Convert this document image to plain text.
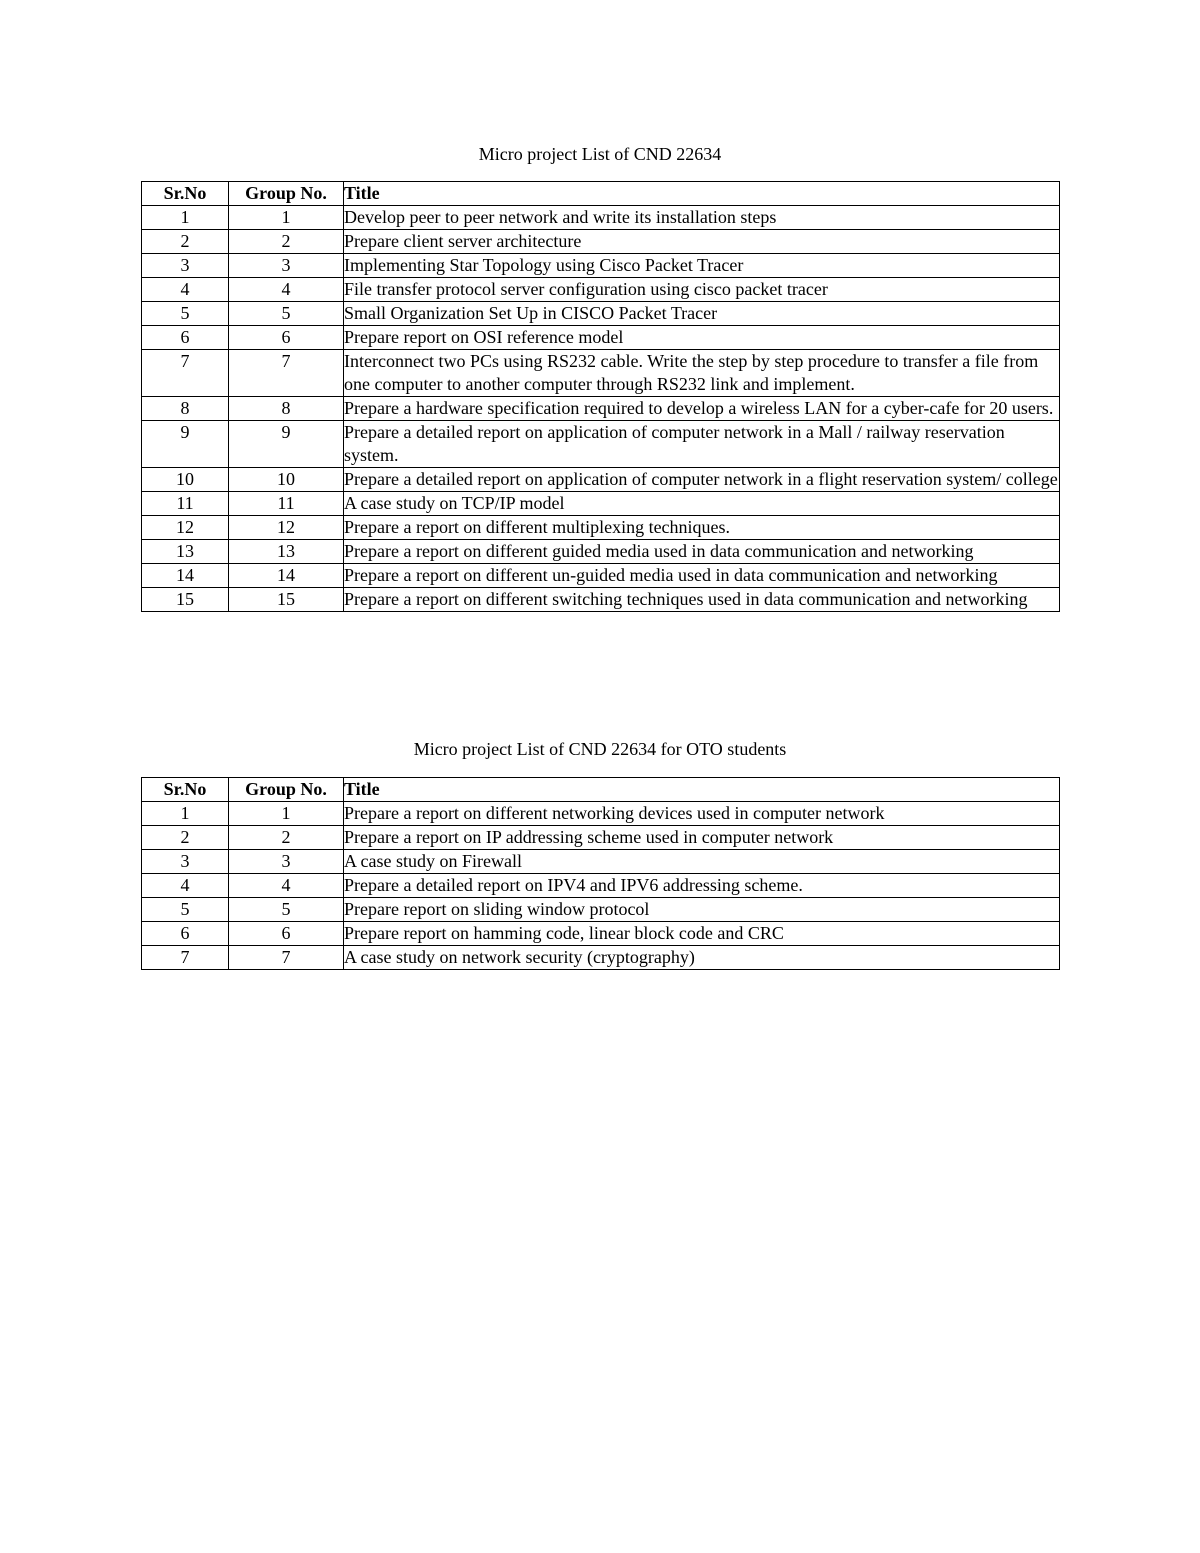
Micro project List of CND 22634
Sr.No	Group No.	Title
1	1	Develop peer to peer network and write its installation steps
2	2	Prepare client server architecture
3	3	Implementing Star Topology using Cisco Packet Tracer
4	4	File transfer protocol server configuration using cisco packet tracer
5	5	Small Organization Set Up in CISCO Packet Tracer
6	6	Prepare report on OSI reference model
7	7	Interconnect two PCs using RS232 cable. Write the step by step procedure to transfer a file from one computer to another computer through RS232 link and implement.
8	8	Prepare a hardware specification required to develop a wireless LAN for a cyber-cafe for 20 users.
9	9	Prepare a detailed report on application of computer network in a Mall / railway reservation system.
10	10	Prepare a detailed report on application of computer network in a flight reservation system/ college
11	11	A case study on TCP/IP model
12	12	Prepare a report on different multiplexing techniques.
13	13	Prepare a report on different guided media used in data communication and networking
14	14	Prepare a report on different un-guided media used in data communication and networking
15	15	Prepare a report on different switching techniques used in data communication and networking
Micro project List of CND 22634 for OTO students
Sr.No	Group No.	Title
1	1	Prepare a report on different networking devices used in computer network
2	2	Prepare a report on IP addressing scheme used in computer network
3	3	A case study on Firewall
4	4	Prepare a detailed report on IPV4 and IPV6 addressing scheme.
5	5	Prepare report on sliding window protocol
6	6	Prepare report on hamming code, linear block code and CRC
7	7	A case study on network security (cryptography)
